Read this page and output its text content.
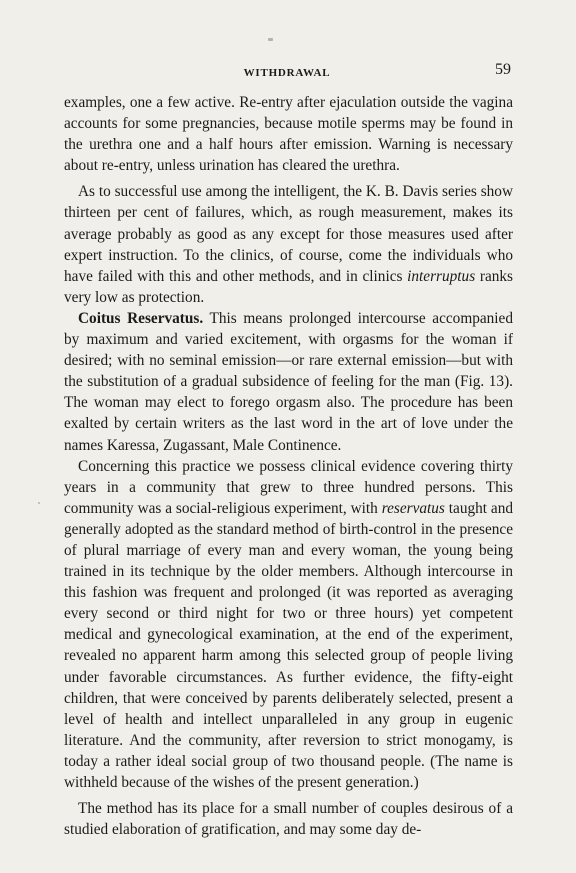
WITHDRAWAL	59

examples, one a few active. Re-entry after ejaculation outside the vagina accounts for some pregnancies, because motile sperms may be found in the urethra one and a half hours after emission. Warning is necessary about re-entry, unless urination has cleared the urethra.

As to successful use among the intelligent, the K. B. Davis series show thirteen per cent of failures, which, as rough measurement, makes its average probably as good as any except for those measures used after expert instruction. To the clinics, of course, come the individuals who have failed with this and other methods, and in clinics interruptus ranks very low as protection.

Coitus Reservatus. This means prolonged intercourse accompanied by maximum and varied excitement, with orgasms for the woman if desired; with no seminal emission—or rare external emission—but with the substitution of a gradual subsidence of feeling for the man (Fig. 13). The woman may elect to forego orgasm also. The procedure has been exalted by certain writers as the last word in the art of love under the names Karessa, Zugassant, Male Continence.

Concerning this practice we possess clinical evidence covering thirty years in a community that grew to three hundred persons. This community was a social-religious experiment, with reservatus taught and generally adopted as the standard method of birth-control in the presence of plural marriage of every man and every woman, the young being trained in its technique by the older members. Although intercourse in this fashion was frequent and prolonged (it was reported as averaging every second or third night for two or three hours) yet competent medical and gynecological examination, at the end of the experiment, revealed no apparent harm among this selected group of people living under favorable circumstances. As further evidence, the fifty-eight children, that were conceived by parents deliberately selected, present a level of health and intellect unparalleled in any group in eugenic literature. And the community, after reversion to strict monogamy, is today a rather ideal social group of two thousand people. (The name is withheld because of the wishes of the present generation.)

The method has its place for a small number of couples desirous of a studied elaboration of gratification, and may some day de-
